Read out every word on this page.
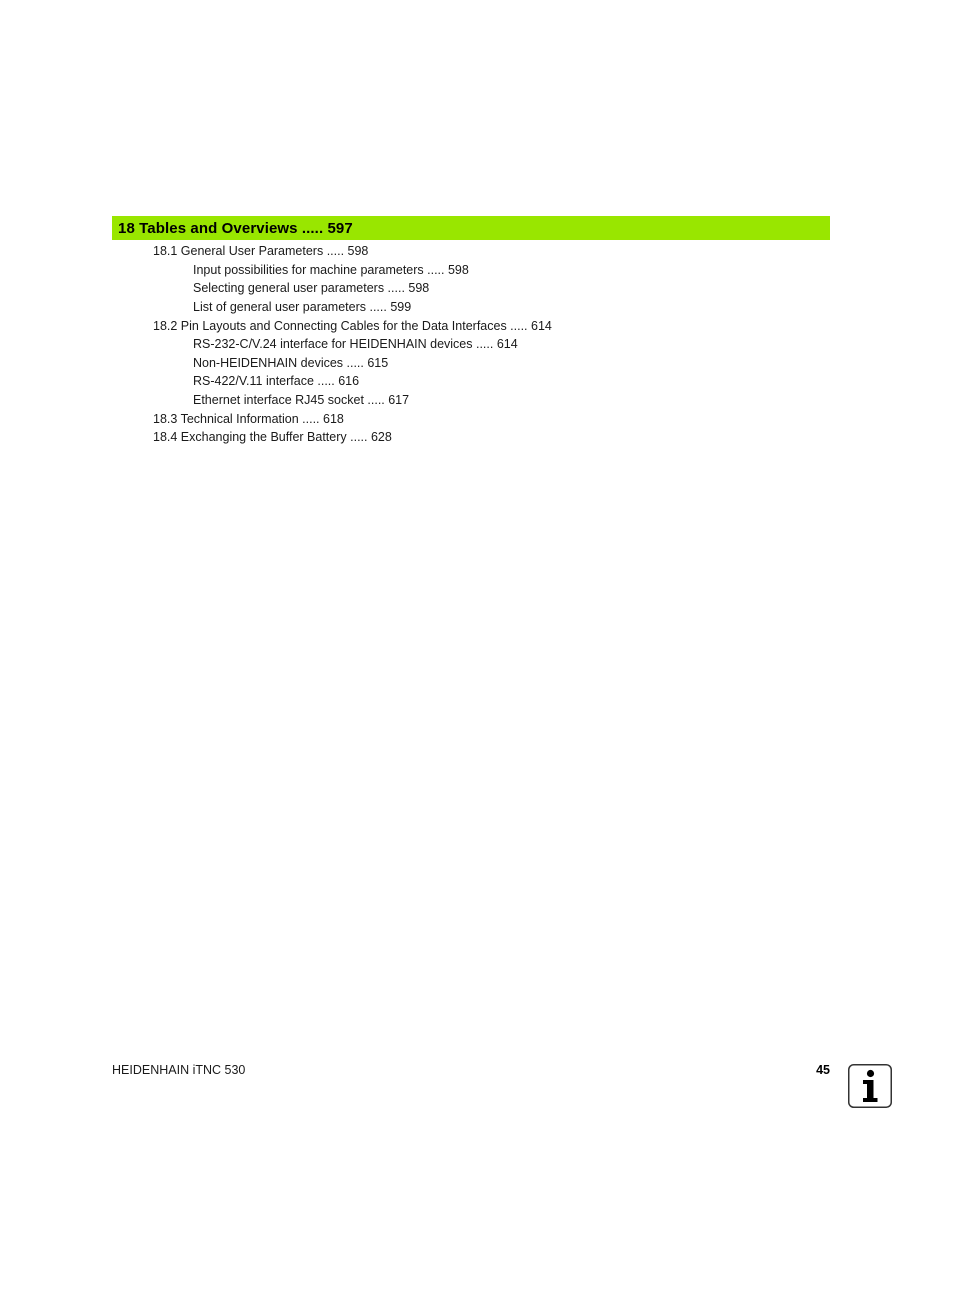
18 Tables and Overviews ..... 597
18.1 General User Parameters ..... 598
Input possibilities for machine parameters ..... 598
Selecting general user parameters ..... 598
List of general user parameters ..... 599
18.2 Pin Layouts and Connecting Cables for the Data Interfaces ..... 614
RS-232-C/V.24 interface for HEIDENHAIN devices ..... 614
Non-HEIDENHAIN devices ..... 615
RS-422/V.11 interface ..... 616
Ethernet interface RJ45 socket ..... 617
18.3 Technical Information ..... 618
18.4 Exchanging the Buffer Battery ..... 628
HEIDENHAIN iTNC 530	45
